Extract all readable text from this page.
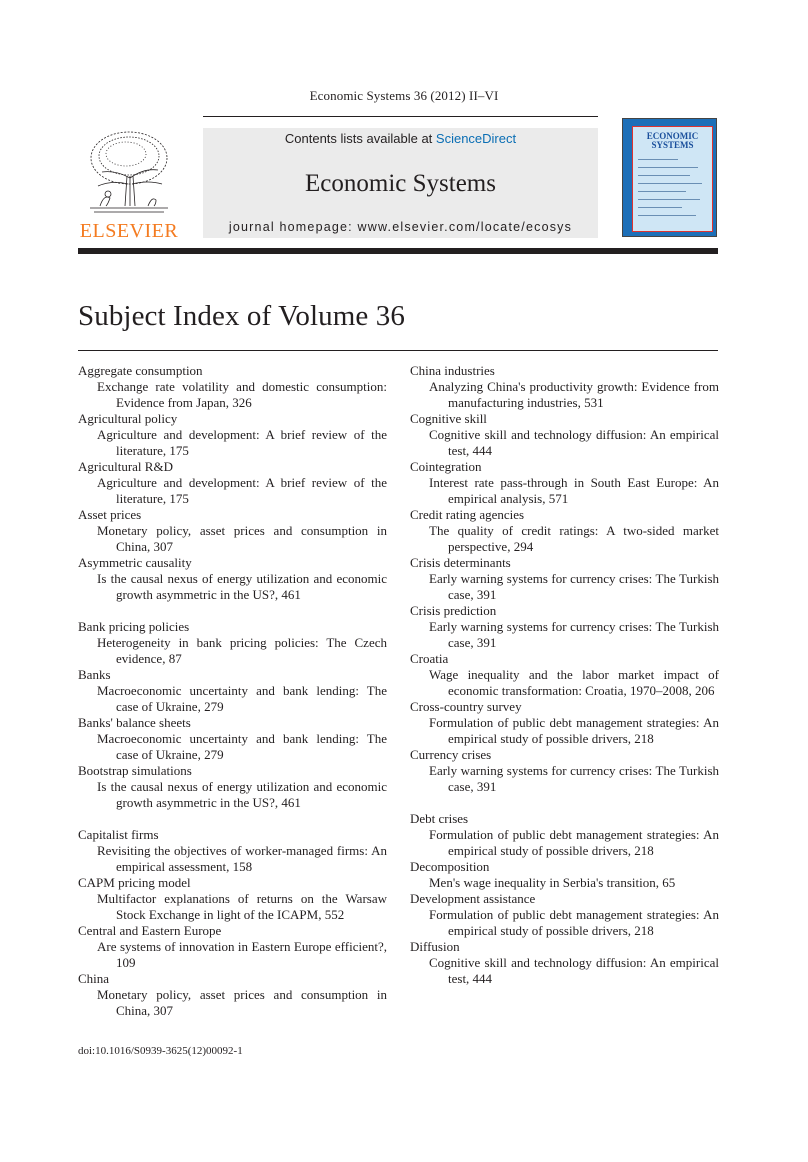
Economic Systems 36 (2012) II–VI
ELSEVIER
Contents lists available at ScienceDirect
Economic Systems
journal homepage: www.elsevier.com/locate/ecosys
ECONOMIC SYSTEMS
Subject Index of Volume 36

Aggregate consumption

Exchange rate volatility and domestic consumption: Evidence from Japan, 326

Agricultural policy

Agriculture and development: A brief review of the literature, 175

Agricultural R&D

Agriculture and development: A brief review of the literature, 175

Asset prices

Monetary policy, asset prices and consumption in China, 307

Asymmetric causality

Is the causal nexus of energy utilization and economic growth asymmetric in the US?, 461

Bank pricing policies

Heterogeneity in bank pricing policies: The Czech evidence, 87

Banks

Macroeconomic uncertainty and bank lending: The case of Ukraine, 279

Banks' balance sheets

Macroeconomic uncertainty and bank lending: The case of Ukraine, 279

Bootstrap simulations

Is the causal nexus of energy utilization and economic growth asymmetric in the US?, 461

Capitalist firms

Revisiting the objectives of worker-managed firms: An empirical assessment, 158

CAPM pricing model

Multifactor explanations of returns on the Warsaw Stock Exchange in light of the ICAPM, 552

Central and Eastern Europe

Are systems of innovation in Eastern Europe efficient?, 109

China

Monetary policy, asset prices and consumption in China, 307

China industries

Analyzing China's productivity growth: Evidence from manufacturing industries, 531

Cognitive skill

Cognitive skill and technology diffusion: An empirical test, 444

Cointegration

Interest rate pass-through in South East Europe: An empirical analysis, 571

Credit rating agencies

The quality of credit ratings: A two-sided market perspective, 294

Crisis determinants

Early warning systems for currency crises: The Turkish case, 391

Crisis prediction

Early warning systems for currency crises: The Turkish case, 391

Croatia

Wage inequality and the labor market impact of economic transformation: Croatia, 1970–2008, 206

Cross-country survey

Formulation of public debt management strategies: An empirical study of possible drivers, 218

Currency crises

Early warning systems for currency crises: The Turkish case, 391

Debt crises

Formulation of public debt management strategies: An empirical study of possible drivers, 218

Decomposition

Men's wage inequality in Serbia's transition, 65

Development assistance

Formulation of public debt management strategies: An empirical study of possible drivers, 218

Diffusion

Cognitive skill and technology diffusion: An empirical test, 444

doi:10.1016/S0939-3625(12)00092-1
